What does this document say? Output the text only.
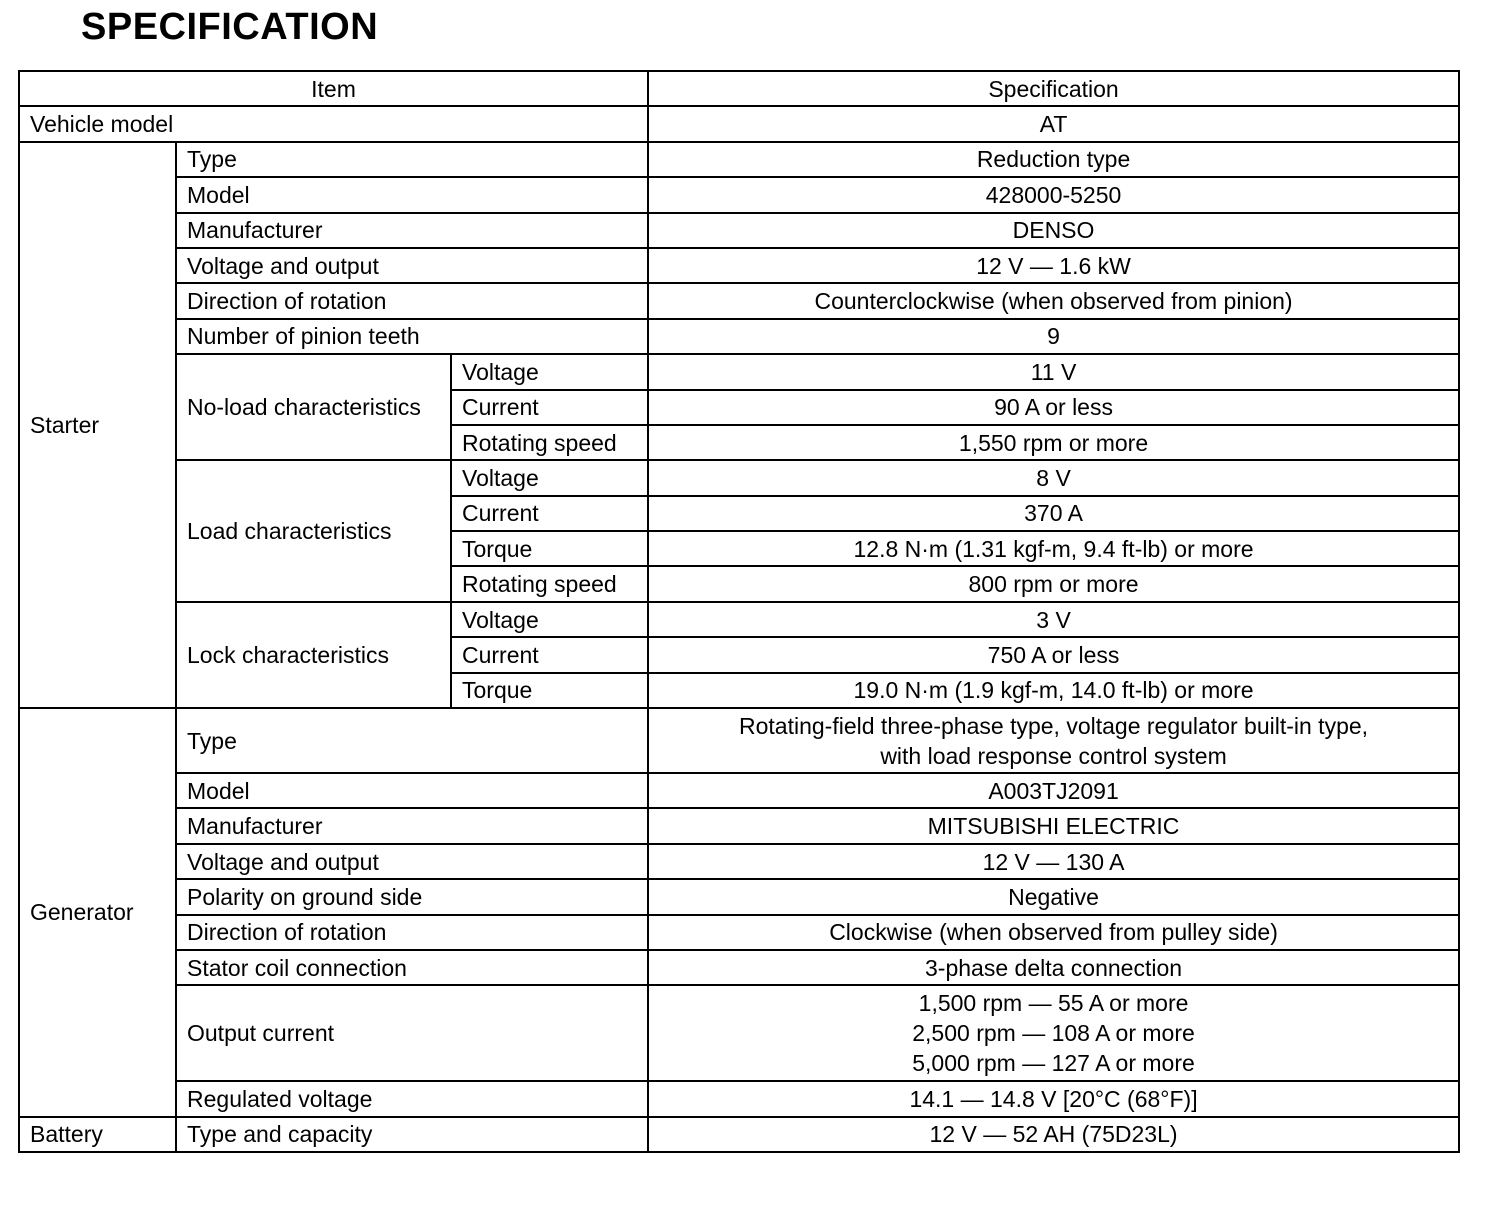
SPECIFICATION
Item			Specification
Vehicle model			AT
Starter	Type		Reduction type
	Model		428000-5250
	Manufacturer		DENSO
	Voltage and output		12 V — 1.6 kW
	Direction of rotation		Counterclockwise (when observed from pinion)
	Number of pinion teeth		9
	No-load characteristics	Voltage	11 V
		Current	90 A or less
		Rotating speed	1,550 rpm or more
	Load characteristics	Voltage	8 V
		Current	370 A
		Torque	12.8 N·m (1.31 kgf-m, 9.4 ft-lb) or more
		Rotating speed	800 rpm or more
	Lock characteristics	Voltage	3 V
		Current	750 A or less
		Torque	19.0 N·m (1.9 kgf-m, 14.0 ft-lb) or more
Generator	Type		Rotating-field three-phase type, voltage regulator built-in type,
with load response control system

	Model		A003TJ2091
	Manufacturer		MITSUBISHI ELECTRIC
	Voltage and output		12 V — 130 A
	Polarity on ground side		Negative
	Direction of rotation		Clockwise (when observed from pulley side)
	Stator coil connection		3-phase delta connection
	Output current		1,500 rpm — 55 A or more
2,500 rpm — 108 A or more
5,000 rpm — 127 A or more

	Regulated voltage		14.1 — 14.8 V [20°C (68°F)]
Battery	Type and capacity		12 V — 52 AH (75D23L)
